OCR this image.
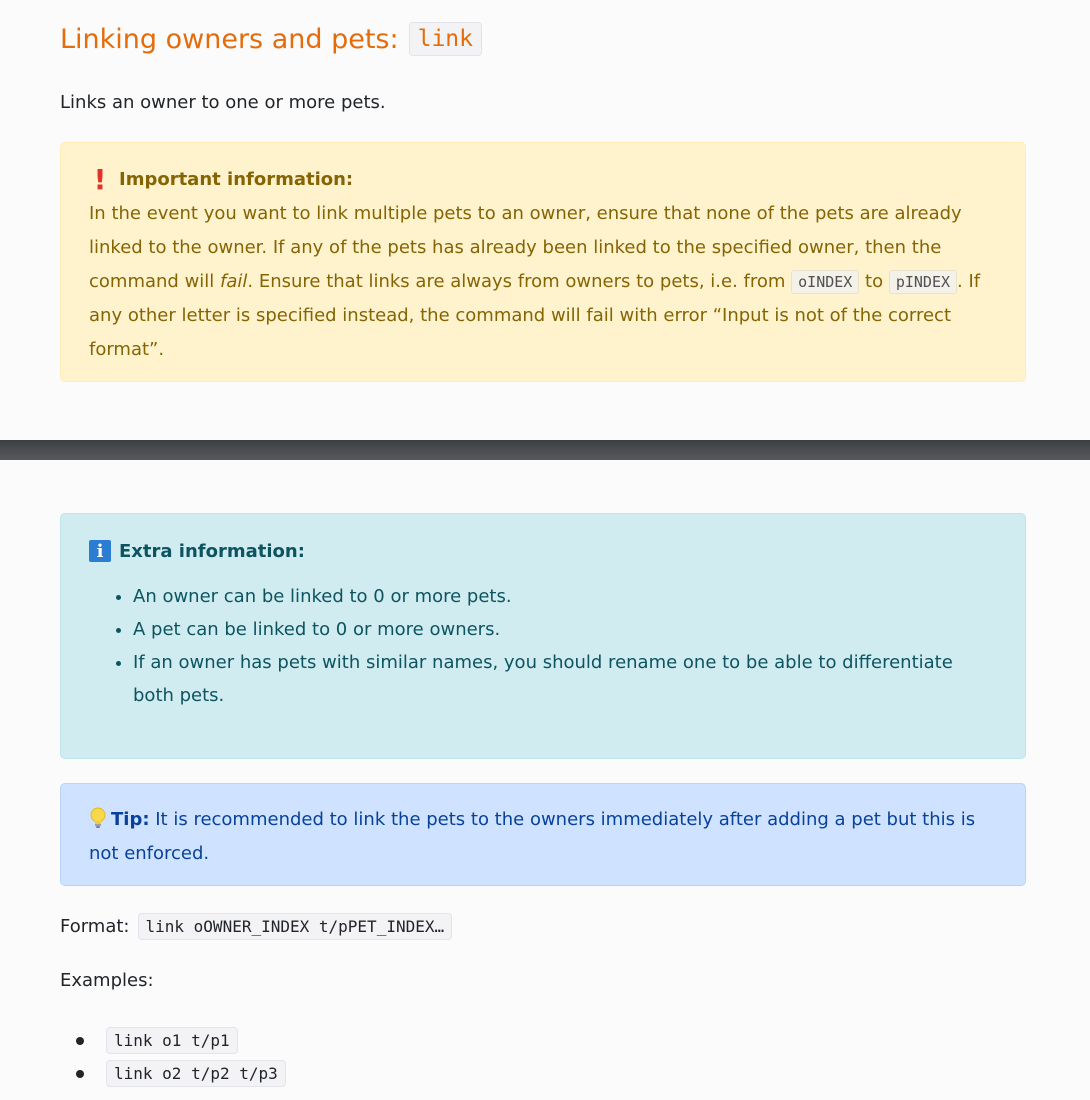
Linking owners and pets: link

Links an owner to one or more pets.

! Important information:

In the event you want to link multiple pets to an owner, ensure that none of the pets are already linked to the owner. If any of the pets has already been linked to the specified owner, then the command will fail. Ensure that links are always from owners to pets, i.e. from oINDEX to pINDEX . If any other letter is specified instead, the command will fail with error “Input is not of the correct format”.

i Extra information:
• An owner can be linked to 0 or more pets.
• A pet can be linked to 0 or more owners.
• If an owner has pets with similar names, you should rename one to be able to differentiate both pets.
Tip: It is recommended to link the pets to the owners immediately after adding a pet but this is not enforced.
Format:	link oOWNER_INDEX t/pPET_INDEX…

Examples:

link o1 t/p1
link o2 t/p2 t/p3
